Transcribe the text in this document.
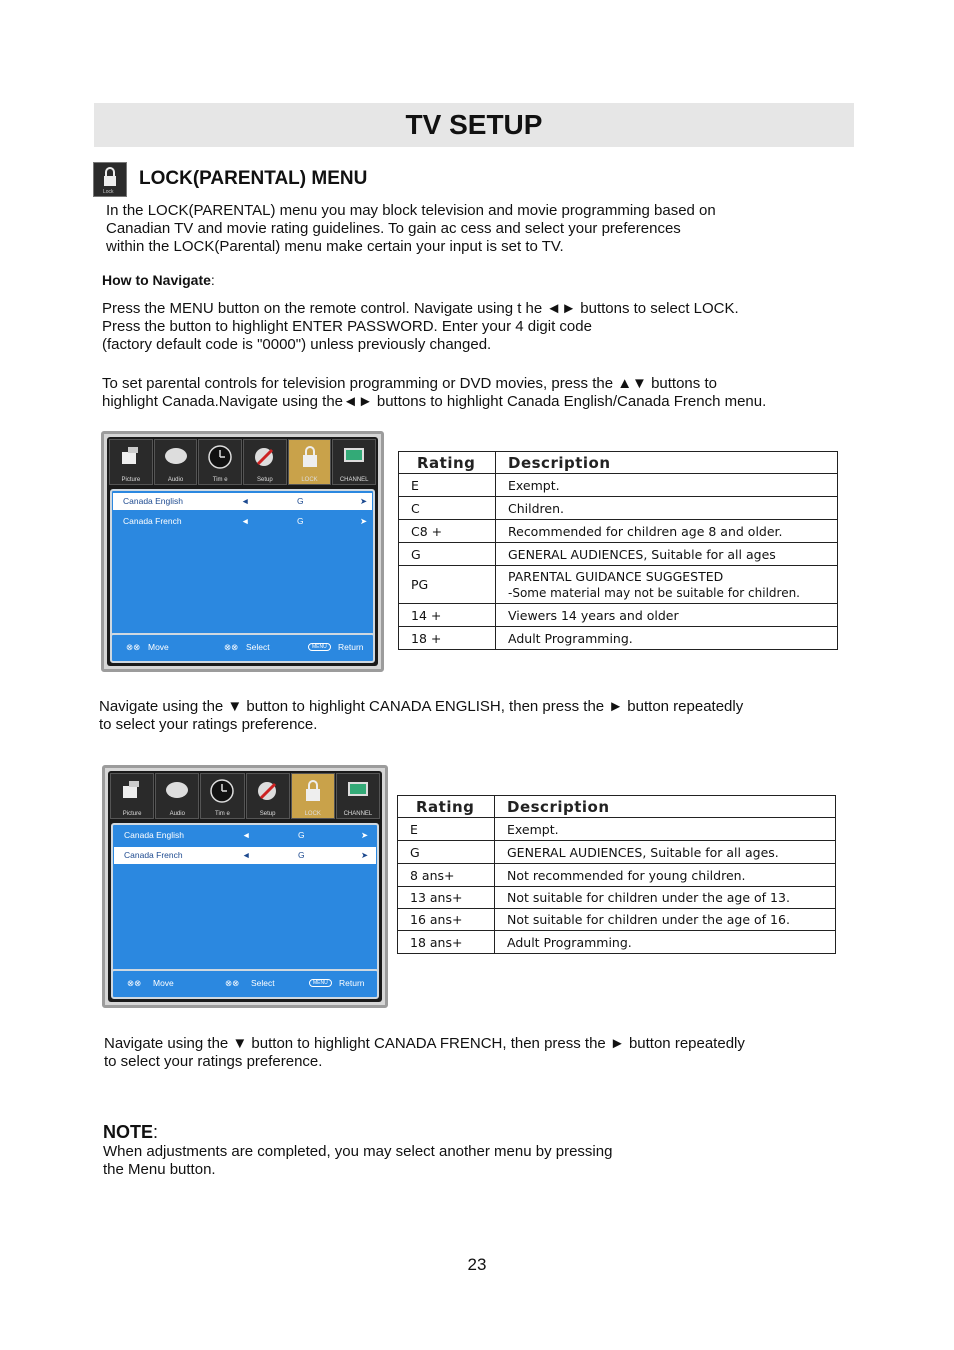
TV SETUP
Lock
LOCK(PARENTAL) MENU
In the LOCK(PARENTAL) menu you may block television and movie programming based on
Canadian TV and movie rating guidelines. To gain ac cess and select your preferences
within the LOCK(Parental) menu make certain your input is set to TV.
How to Navigate:
Press the MENU button on the remote control. Navigate using t he ◄► buttons to select LOCK.
Press the button to highlight ENTER PASSWORD. Enter your 4 digit code
(factory default code is "0000") unless previously changed.
To set parental controls for television programming or DVD movies, press the ▲▼ buttons to
highlight Canada.Navigate using the◄► buttons to highlight Canada English/Canada French menu.
Picture	Audio	Tim e	Setup	LOCK	CHANNEL
Canada English	◄	G	➤
Canada French	◄	G	➤
⊗⊗ Move	⊗⊗ Select	MENU	Return
Rating	Description
E	Exempt.
C	Children.
C8 +	Recommended for children age 8 and older.
G	GENERAL AUDIENCES, Suitable for all ages
PG	PARENTAL GUIDANCE SUGGESTED
-Some material may not be suitable for children.

14 +	Viewers 14 years and older
18 +	Adult Programming.
Navigate using the ▼ button to highlight CANADA ENGLISH, then press the ► button repeatedly
to select your ratings preference.
Picture	Audio	Tim e	Setup	LOCK	CHANNEL
Canada English	◄	G	➤
Canada French	◄	G	➤
⊗⊗ Move	⊗⊗ Select	MENU	Return
Rating	Description
E	Exempt.
G	GENERAL AUDIENCES, Suitable for all ages.
8 ans+	Not recommended for young children.
13 ans+	Not suitable for children under the age of 13.
16 ans+	Not suitable for children under the age of 16.
18 ans+	Adult Programming.
Navigate using the ▼ button to highlight CANADA FRENCH, then press the ► button repeatedly
to select your ratings preference.
NOTE:
When adjustments are completed, you may select another menu by pressing
the Menu button.
23
